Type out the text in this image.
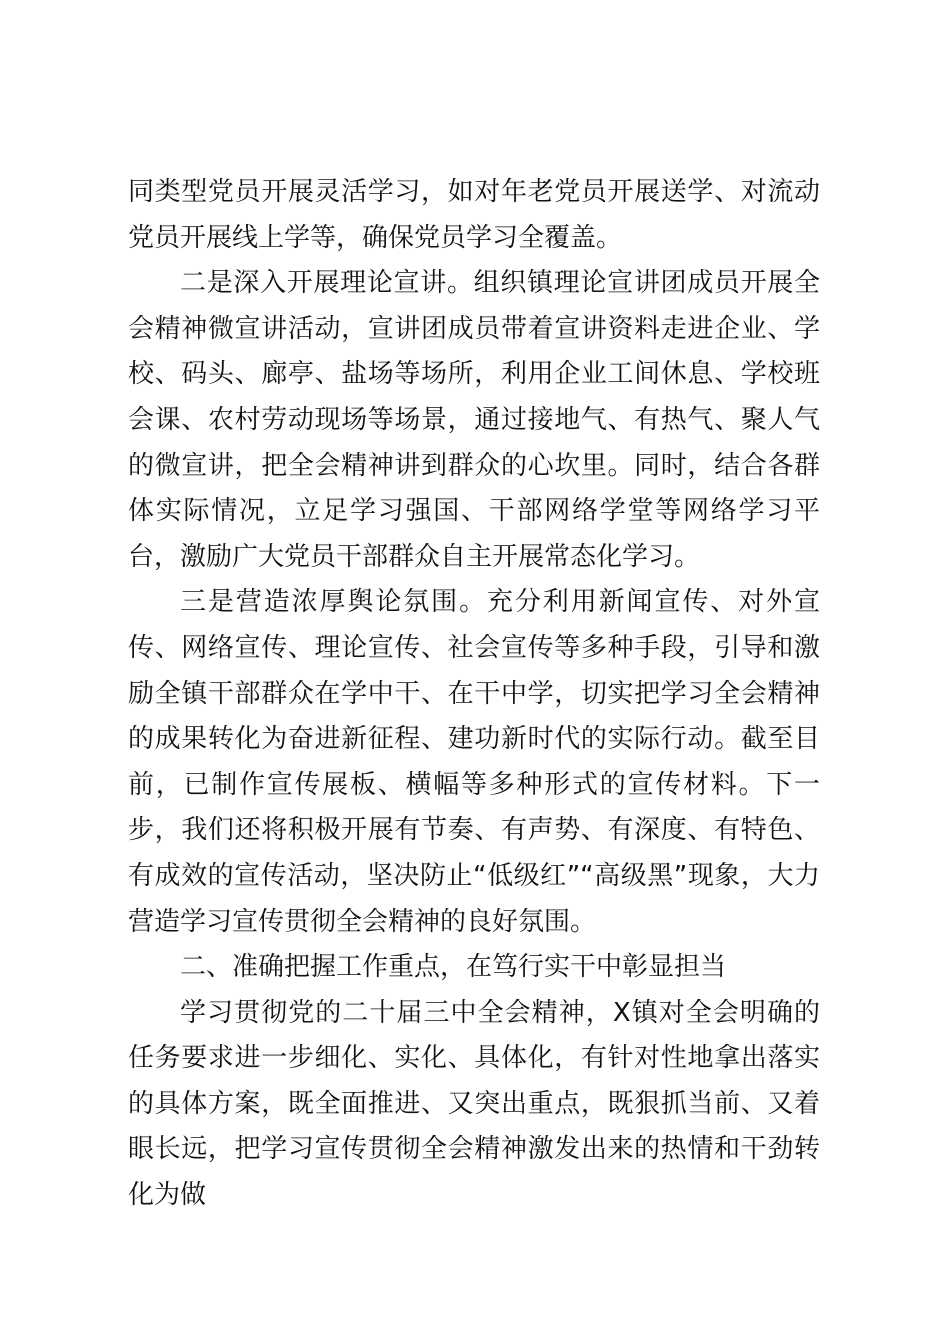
同类型党员开展灵活学习，如对年老党员开展送学、对流动党员开展线上学等，确保党员学习全覆盖。

二是深入开展理论宣讲。组织镇理论宣讲团成员开展全会精神微宣讲活动，宣讲团成员带着宣讲资料走进企业、学校、码头、廊亭、盐场等场所，利用企业工间休息、学校班会课、农村劳动现场等场景，通过接地气、有热气、聚人气的微宣讲，把全会精神讲到群众的心坎里。同时，结合各群体实际情况，立足学习强国、干部网络学堂等网络学习平台，激励广大党员干部群众自主开展常态化学习。

三是营造浓厚舆论氛围。充分利用新闻宣传、对外宣传、网络宣传、理论宣传、社会宣传等多种手段，引导和激励全镇干部群众在学中干、在干中学，切实把学习全会精神的成果转化为奋进新征程、建功新时代的实际行动。截至目前，已制作宣传展板、横幅等多种形式的宣传材料。下一步，我们还将积极开展有节奏、有声势、有深度、有特色、有成效的宣传活动，坚决防止“低级红”“高级黑”现象，大力营造学习宣传贯彻全会精神的良好氛围。

二、准确把握工作重点，在笃行实干中彰显担当

学习贯彻党的二十届三中全会精神，X镇对全会明确的任务要求进一步细化、实化、具体化，有针对性地拿出落实的具体方案，既全面推进、又突出重点，既狠抓当前、又着眼长远，把学习宣传贯彻全会精神激发出来的热情和干劲转化为做
